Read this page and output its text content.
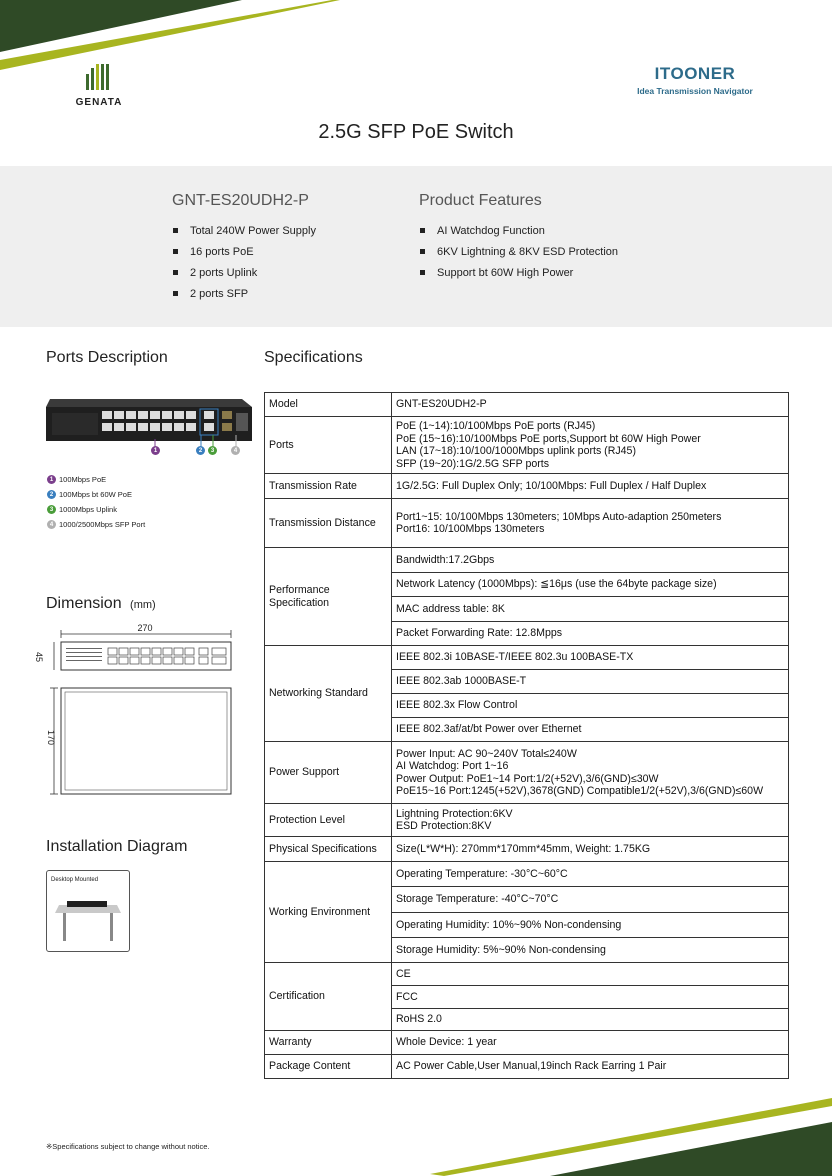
GENATA
ITOONER
Idea Transmission Navigator
2.5G SFP PoE Switch
GNT-ES20UDH2-P
Total 240W Power Supply
16 ports PoE
2 ports Uplink
2 ports SFP
Product Features
AI Watchdog Function
6KV Lightning & 8KV ESD Protection
Support bt 60W High Power
Ports Description
1	2	3	4
1 100Mbps PoE
2 100Mbps bt 60W PoE
3 1000Mbps Uplink
4 1000/2500Mbps SFP Port
Dimension (mm)
270
45
170
Installation Diagram
Desktop Mounted
Specifications
Model	GNT-ES20UDH2-P
Ports	PoE (1~14):10/100Mbps PoE ports (RJ45)
PoE (15~16):10/100Mbps PoE ports,Support bt 60W High Power
LAN (17~18):10/100/1000Mbps uplink ports (RJ45)
SFP (19~20):1G/2.5G SFP ports
Transmission Rate	1G/2.5G: Full Duplex Only; 10/100Mbps: Full Duplex / Half Duplex
Transmission Distance	Port1~15: 10/100Mbps 130meters; 10Mbps Auto-adaption 250meters
Port16: 10/100Mbps 130meters
Performance Specification	Bandwidth:17.2Gbps
	Network Latency (1000Mbps): ≦16μs (use the 64byte package size)
	MAC address table: 8K
	Packet Forwarding Rate: 12.8Mpps
Networking Standard	IEEE 802.3i 10BASE-T/IEEE 802.3u 100BASE-TX
	IEEE 802.3ab 1000BASE-T
	IEEE 802.3x Flow Control
	IEEE 802.3af/at/bt Power over Ethernet
Power Support	Power Input: AC 90~240V Total≤240W
AI Watchdog: Port 1~16
Power Output: PoE1~14 Port:1/2(+52V),3/6(GND)≤30W
PoE15~16 Port:1245(+52V),3678(GND) Compatible1/2(+52V),3/6(GND)≤60W
Protection Level	Lightning Protection:6KV
ESD Protection:8KV
Physical Specifications	Size(L*W*H): 270mm*170mm*45mm, Weight: 1.75KG
Working Environment	Operating Temperature: -30°C~60°C
	Storage Temperature: -40°C~70°C
	Operating Humidity: 10%~90% Non-condensing
	Storage Humidity: 5%~90% Non-condensing
Certification	CE
	FCC
	RoHS 2.0
Warranty	Whole Device: 1 year
Package Content	AC Power Cable,User Manual,19inch Rack Earring 1 Pair
※Specifications subject to change without notice.
